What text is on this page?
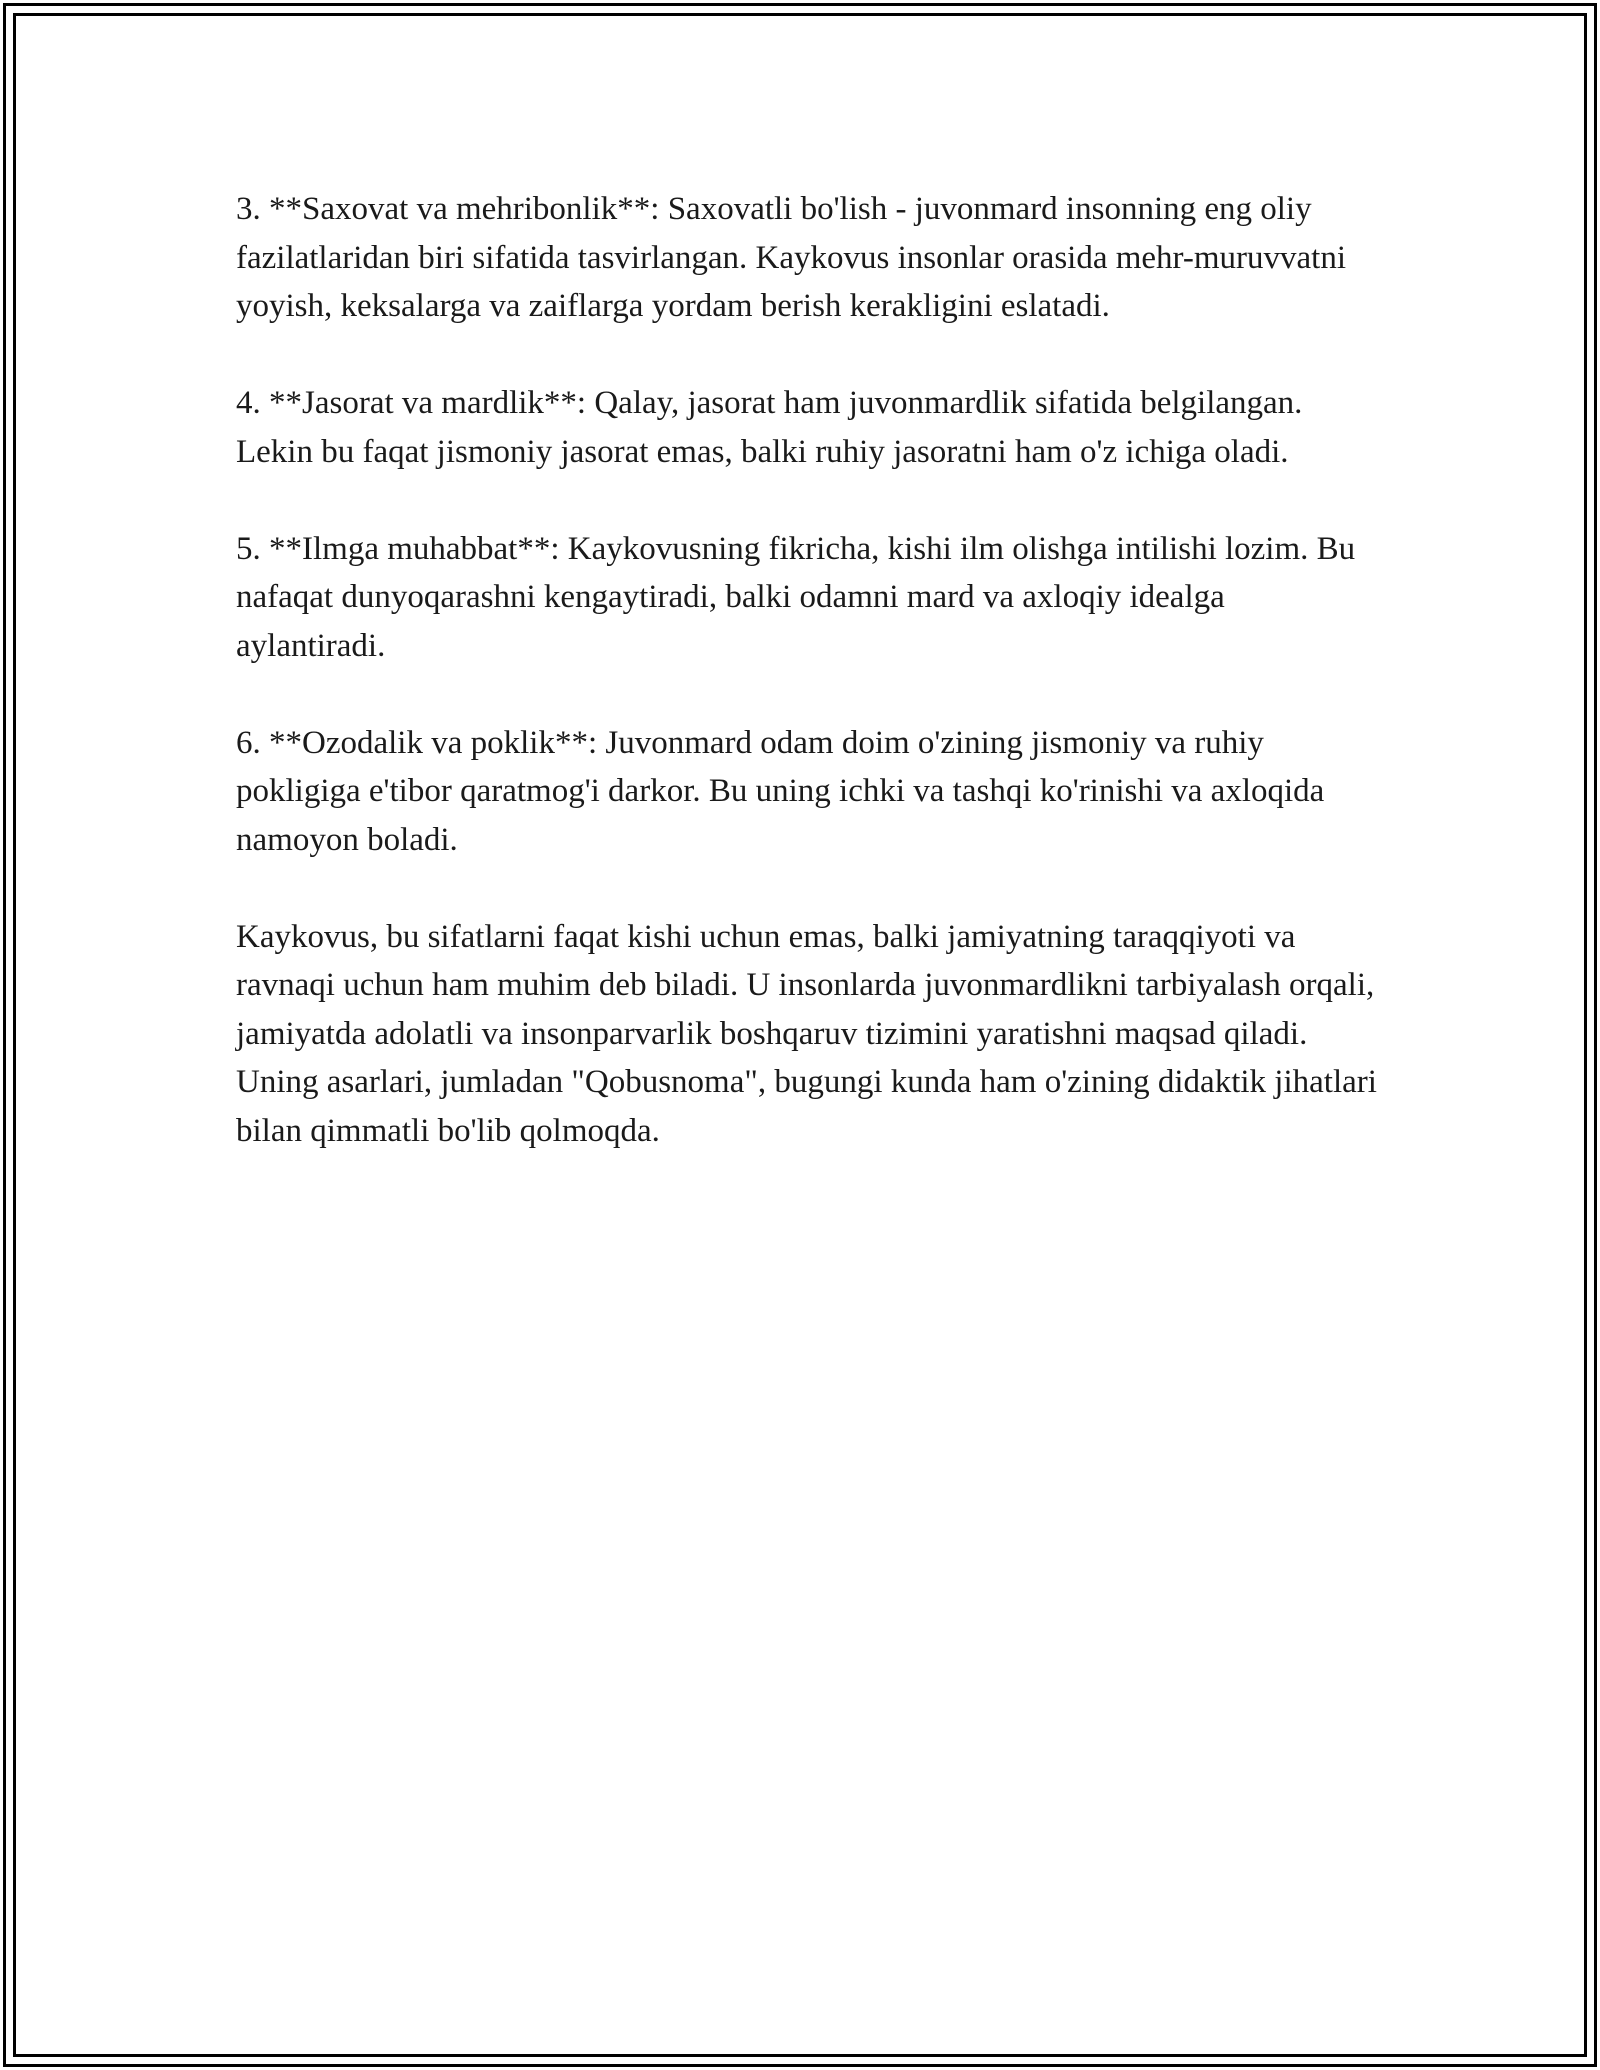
3. **Saxovat va mehribonlik**: Saxovatli bo'lish - juvonmard insonning eng oliy fazilatlaridan biri sifatida tasvirlangan. Kaykovus insonlar orasida mehr-muruvvatni yoyish, keksalarga va zaiflarga yordam berish kerakligini eslatadi.

4. **Jasorat va mardlik**: Qalay, jasorat ham juvonmardlik sifatida belgilangan. Lekin bu faqat jismoniy jasorat emas, balki ruhiy jasoratni ham o'z ichiga oladi.

5. **Ilmga muhabbat**: Kaykovusning fikricha, kishi ilm olishga intilishi lozim. Bu nafaqat dunyoqarashni kengaytiradi, balki odamni mard va axloqiy idealga aylantiradi.

6. **Ozodalik va poklik**: Juvonmard odam doim o'zining jismoniy va ruhiy pokligiga e'tibor qaratmog'i darkor. Bu uning ichki va tashqi ko'rinishi va axloqida namoyon boladi.

Kaykovus, bu sifatlarni faqat kishi uchun emas, balki jamiyatning taraqqiyoti va ravnaqi uchun ham muhim deb biladi. U insonlarda juvonmardlikni tarbiyalash orqali, jamiyatda adolatli va insonparvarlik boshqaruv tizimini yaratishni maqsad qiladi. Uning asarlari, jumladan "Qobusnoma", bugungi kunda ham o'zining didaktik jihatlari bilan qimmatli bo'lib qolmoqda.
